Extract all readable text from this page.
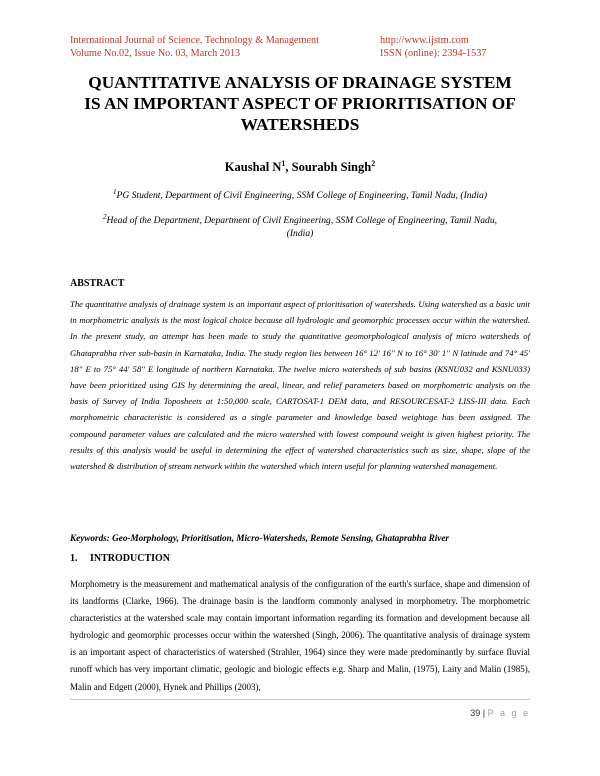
International Journal of Science, Technology & Management	http://www.ijstm.com
Volume No.02, Issue No. 03, March 2013	ISSN (online): 2394-1537
QUANTITATIVE ANALYSIS OF DRAINAGE SYSTEM
IS AN IMPORTANT ASPECT OF PRIORITISATION OF
WATERSHEDS
Kaushal $N^1$, Sourabh Singh$^2$
$^1$PG Student, Department of Civil Engineering, SSM College of Engineering, Tamil Nadu, (India)
$^2$Head of the Department, Department of Civil Engineering, SSM College of Engineering, Tamil Nadu,
(India)
ABSTRACT
The quantitative analysis of drainage system is an important aspect of prioritisation of watersheds. Using watershed as a basic unit in morphometric analysis is the most logical choice because all hydrologic and geomorphic processes occur within the watershed. In the present study, an attempt has been made to study the quantitative geomorphological analysis of micro watersheds of Ghataprabha river sub-basin in Karnataka, India. The study region lies between 16° 12' 16'' N to 16° 30' 1'' N latitude and 74° 45' 18'' E to 75° 44' 58'' E longitude of northern Karnataka. The twelve micro watersheds of sub basins (KSNU032 and KSNU033) have been prioritized using GIS by determining the areal, linear, and relief parameters based on morphometric analysis on the basis of Survey of India Toposheets at 1:50,000 scale, CARTOSAT-1 DEM data, and RESOURCESAT-2 LISS-III data. Each morphometric characteristic is considered as a single parameter and knowledge based weightage has been assigned. The compound parameter values are calculated and the micro watershed with lowest compound weight is given highest priority. The results of this analysis would be useful in determining the effect of watershed characteristics such as size, shape, slope of the watershed & distribution of stream network within the watershed which intern useful for planning watershed management.
Keywords: Geo-Morphology, Prioritisation, Micro-Watersheds, Remote Sensing, Ghataprabha River
1. INTRODUCTION
Morphometry is the measurement and mathematical analysis of the configuration of the earth's surface, shape and dimension of its landforms (Clarke, 1966). The drainage basin is the landform commonly analysed in morphometry. The morphometric characteristics at the watershed scale may contain important information regarding its formation and development because all hydrologic and geomorphic processes occur within the watershed (Singh, 2006). The quantitative analysis of drainage system is an important aspect of characteristics of watershed (Strahler, 1964) since they were made predominantly by surface fluvial runoff which has very important climatic, geologic and biologic effects e.g. Sharp and Malin, (1975), Laity and Malin (1985), Malin and Edgett (2000), Hynek and Phillips (2003),
39 | P a g e
